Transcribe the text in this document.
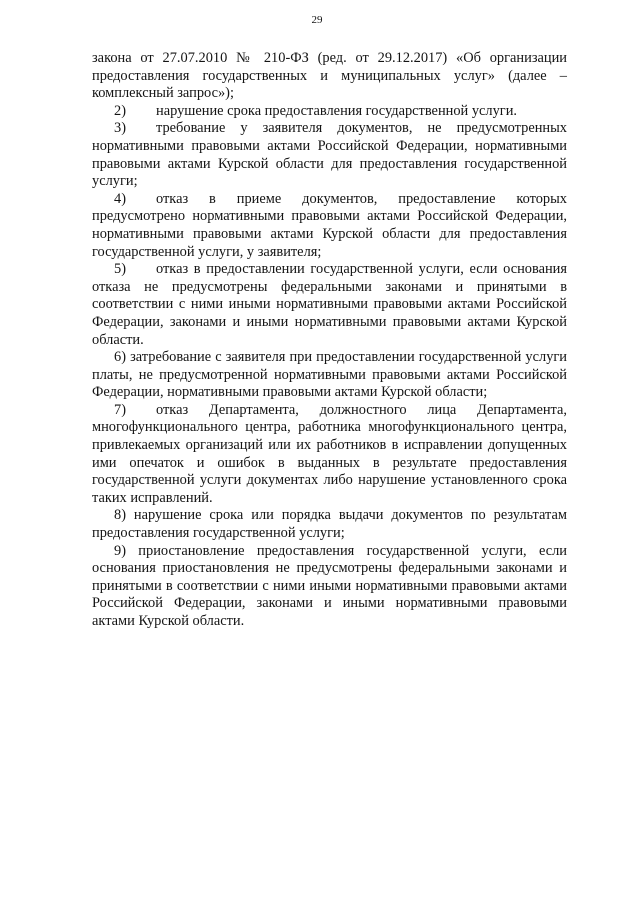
29

закона от 27.07.2010 № 210-ФЗ (ред. от 29.12.2017) «Об организации предоставления государственных и муниципальных услуг» (далее – комплексный запрос»);

2) нарушение срока предоставления государственной услуги.

3) требование у заявителя документов, не предусмотренных нормативными правовыми актами Российской Федерации, нормативными правовыми актами Курской области для предоставления государственной услуги;

4) отказ в приеме документов, предоставление которых предусмотрено нормативными правовыми актами Российской Федерации, нормативными правовыми актами Курской области для предоставления государственной услуги, у заявителя;

5) отказ в предоставлении государственной услуги, если основания отказа не предусмотрены федеральными законами и принятыми в соответствии с ними иными нормативными правовыми актами Российской Федерации, законами и иными нормативными правовыми актами Курской области.

6) затребование с заявителя при предоставлении государственной услуги платы, не предусмотренной нормативными правовыми актами Российской Федерации, нормативными правовыми актами Курской области;

7) отказ Департамента, должностного лица Департамента, многофункционального центра, работника многофункционального центра, привлекаемых организаций или их работников в исправлении допущенных ими опечаток и ошибок в выданных в результате предоставления государственной услуги документах либо нарушение установленного срока таких исправлений.

8) нарушение срока или порядка выдачи документов по результатам предоставления государственной услуги;

9) приостановление предоставления государственной услуги, если основания приостановления не предусмотрены федеральными законами и принятыми в соответствии с ними иными нормативными правовыми актами Российской Федерации, законами и иными нормативными правовыми актами Курской области.
